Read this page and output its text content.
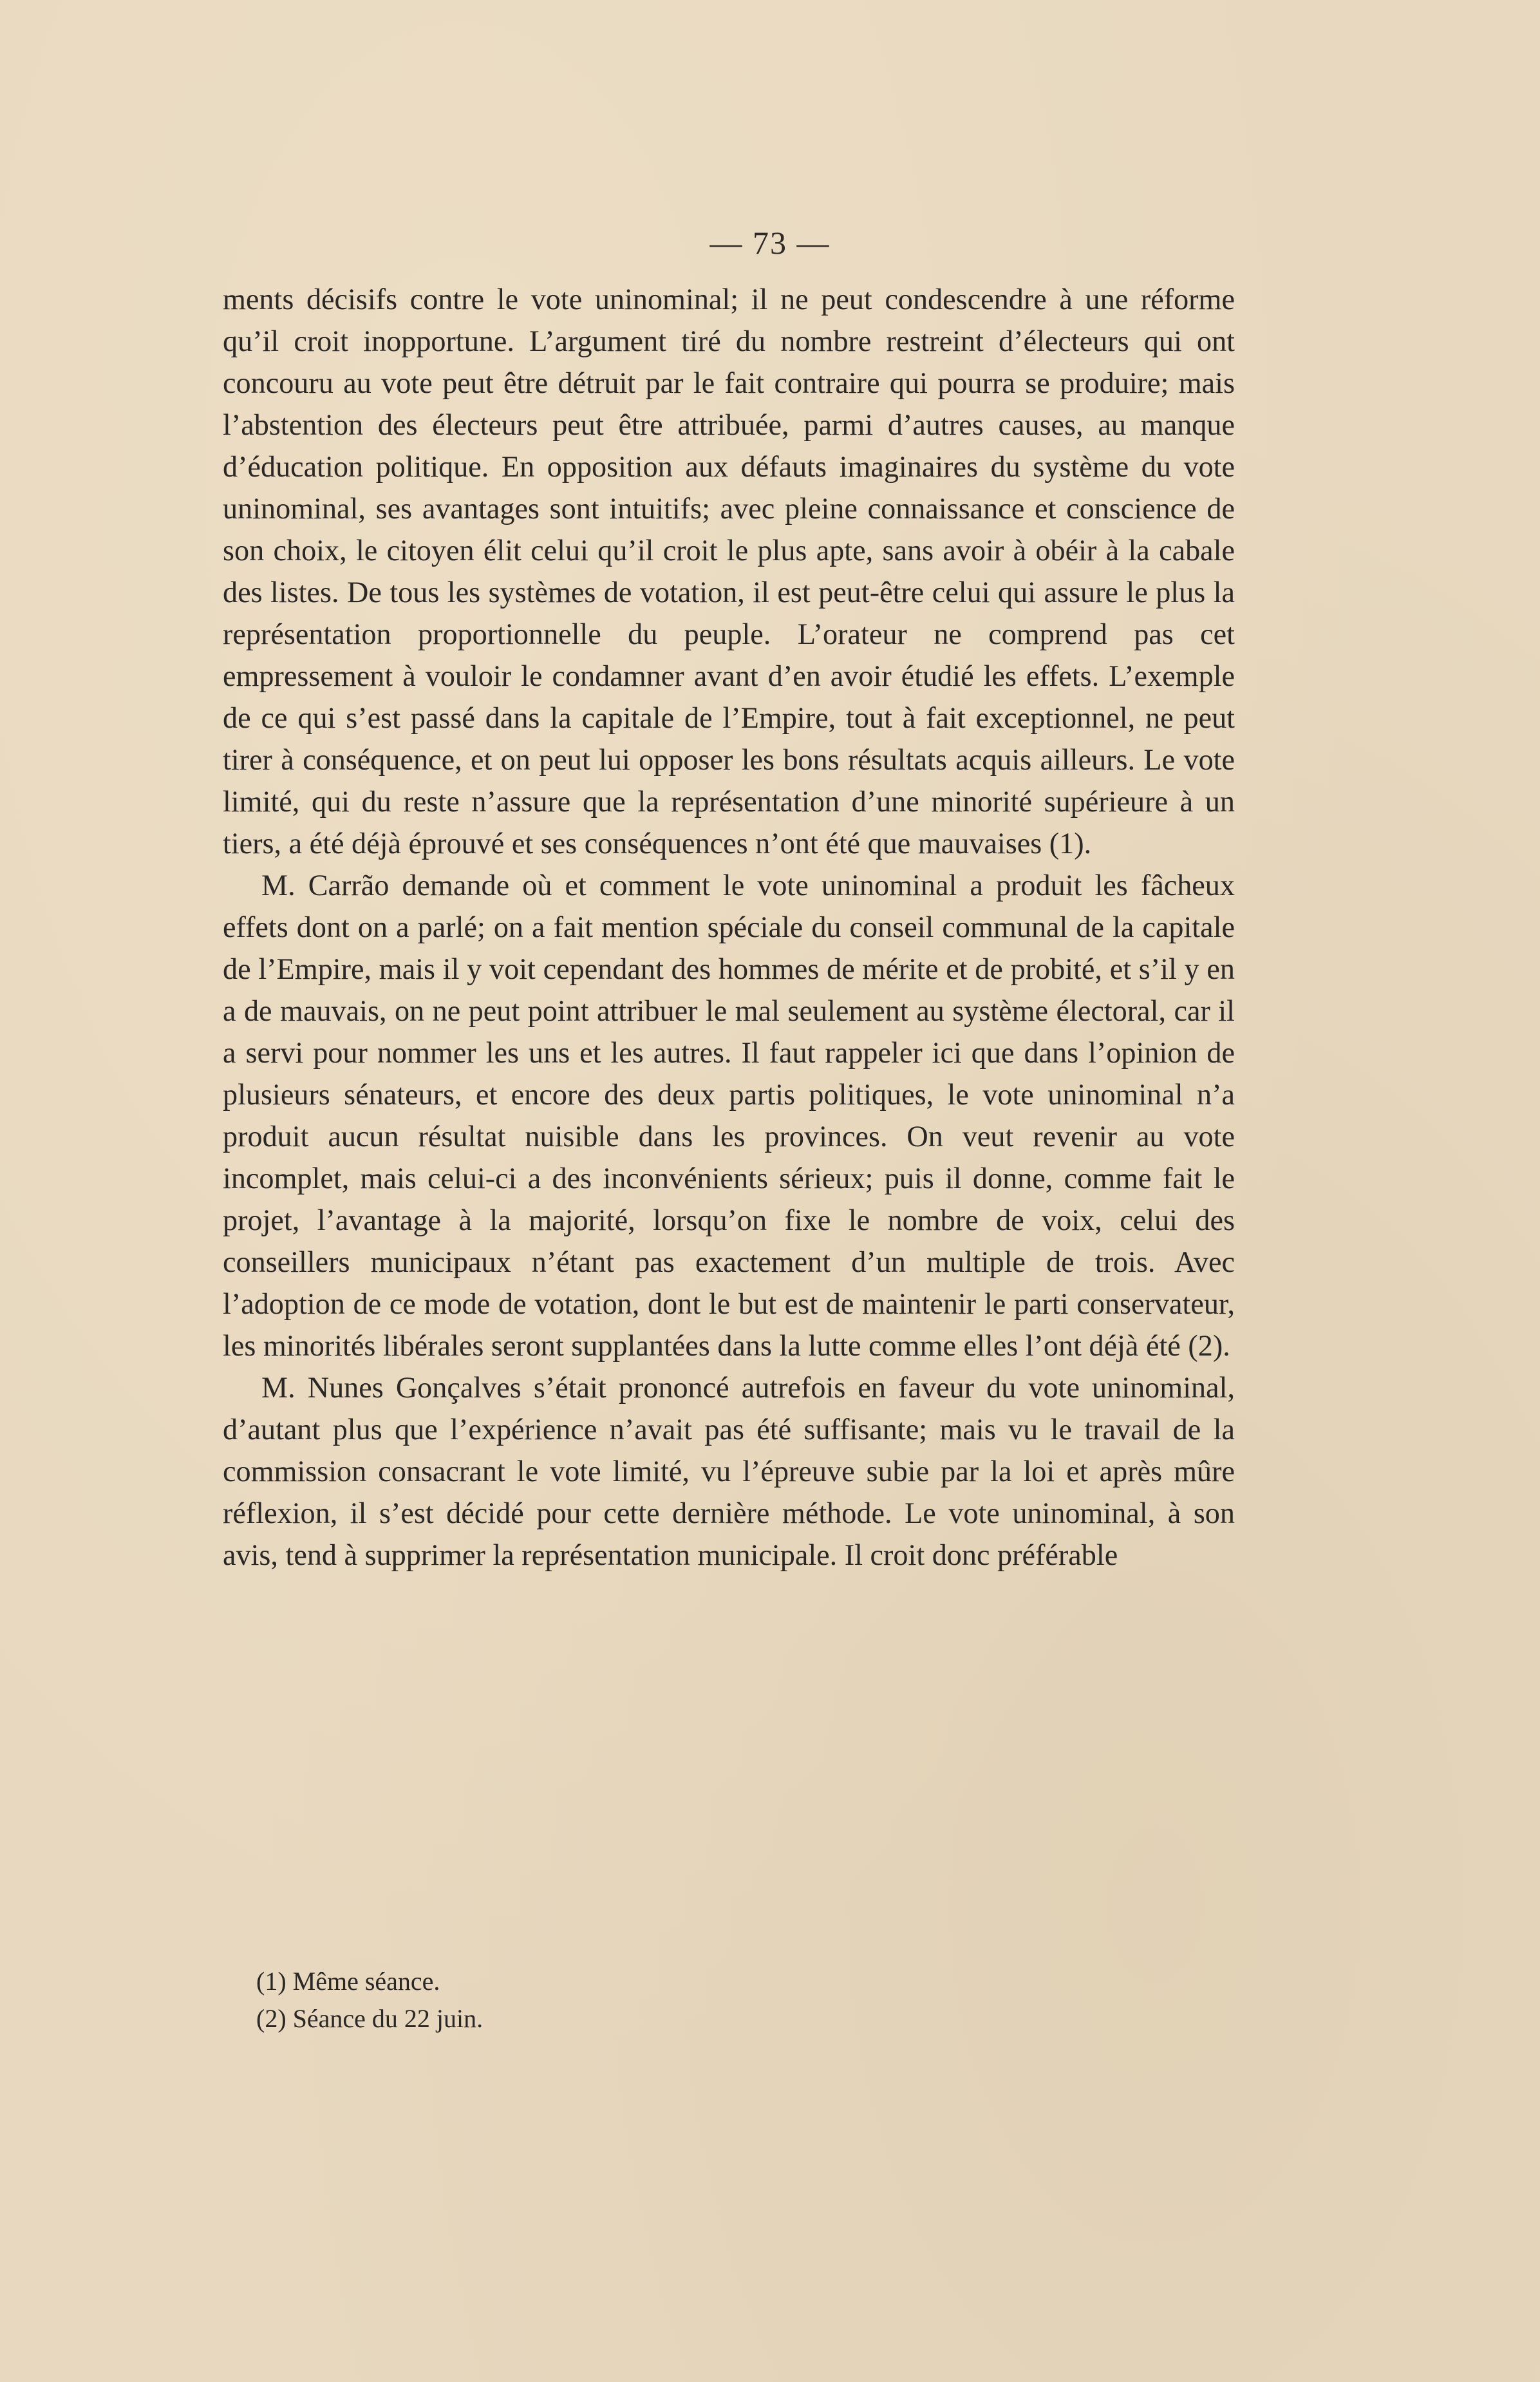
— 73 —

ments décisifs contre le vote uninominal; il ne peut condescendre à une réforme qu’il croit inopportune. L’argument tiré du nombre restreint d’électeurs qui ont concouru au vote peut être détruit par le fait contraire qui pourra se produire; mais l’abstention des électeurs peut être attribuée, parmi d’autres causes, au manque d’éducation politique. En opposition aux défauts imaginaires du système du vote uninominal, ses avantages sont intuitifs; avec pleine connaissance et conscience de son choix, le citoyen élit celui qu’il croit le plus apte, sans avoir à obéir à la cabale des listes. De tous les systèmes de votation, il est peut-être celui qui assure le plus la représentation proportionnelle du peuple. L’orateur ne comprend pas cet empressement à vouloir le condamner avant d’en avoir étudié les effets. L’exemple de ce qui s’est passé dans la capitale de l’Empire, tout à fait exceptionnel, ne peut tirer à conséquence, et on peut lui opposer les bons résultats acquis ailleurs. Le vote limité, qui du reste n’assure que la représentation d’une minorité supérieure à un tiers, a été déjà éprouvé et ses conséquences n’ont été que mauvaises (1).

M. Carrão demande où et comment le vote uninominal a produit les fâcheux effets dont on a parlé; on a fait mention spéciale du conseil communal de la capitale de l’Empire, mais il y voit cependant des hommes de mérite et de probité, et s’il y en a de mauvais, on ne peut point attribuer le mal seulement au système électoral, car il a servi pour nommer les uns et les autres. Il faut rappeler ici que dans l’opinion de plusieurs sénateurs, et encore des deux partis politiques, le vote uninominal n’a produit aucun résultat nuisible dans les provinces. On veut revenir au vote incomplet, mais celui-ci a des inconvénients sérieux; puis il donne, comme fait le projet, l’avantage à la majorité, lorsqu’on fixe le nombre de voix, celui des conseillers municipaux n’étant pas exactement d’un multiple de trois. Avec l’adoption de ce mode de votation, dont le but est de maintenir le parti conservateur, les minorités libérales seront supplantées dans la lutte comme elles l’ont déjà été (2).

M. Nunes Gonçalves s’était prononcé autrefois en faveur du vote uninominal, d’autant plus que l’expérience n’avait pas été suffisante; mais vu le travail de la commission consacrant le vote limité, vu l’épreuve subie par la loi et après mûre réflexion, il s’est décidé pour cette dernière méthode. Le vote uninominal, à son avis, tend à supprimer la représentation municipale. Il croit donc préférable

(1) Même séance.
(2) Séance du 22 juin.
